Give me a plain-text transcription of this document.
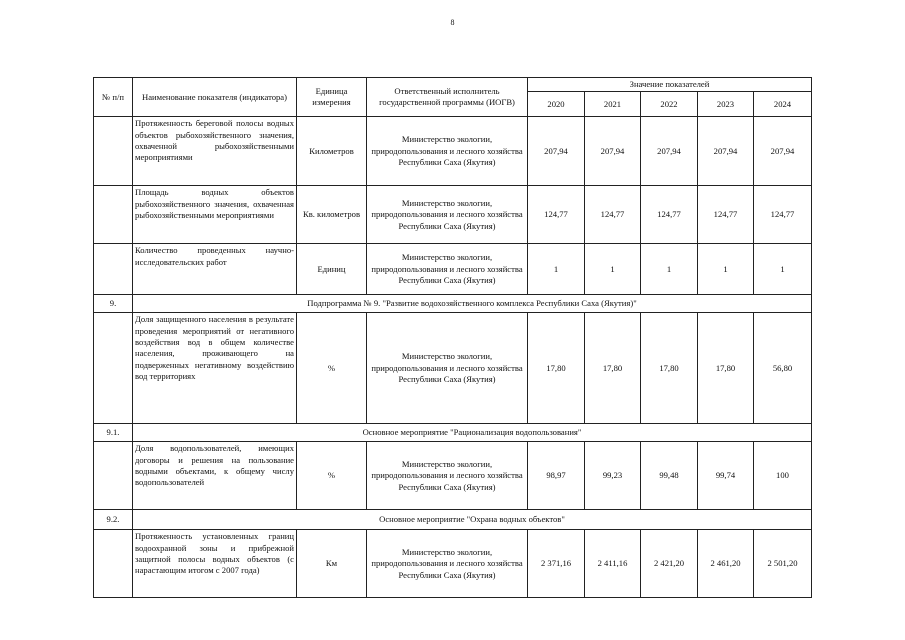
8
№ п/п	Наименование показателя (индикатора)	Единица измерения	Ответственный исполнитель государственной программы (ИОГВ)	Значение показателей				
				2020	2021	2022	2023	2024
	Протяженность береговой полосы водных объектов рыбохозяйственного значения, охваченной рыбохозяйственными мероприятиями	Километров	Министерство экологии, природопользования и лесного хозяйства Республики Саха (Якутия)	207,94	207,94	207,94	207,94	207,94
	Площадь водных объектов рыбохозяйственного значения, охваченная рыбохозяйственными мероприятиями	Кв. километров	Министерство экологии, природопользования и лесного хозяйства Республики Саха (Якутия)	124,77	124,77	124,77	124,77	124,77
	Количество проведенных научно-исследовательских работ	Единиц	Министерство экологии, природопользования и лесного хозяйства Республики Саха (Якутия)	1	1	1	1	1
9.	Подпрограмма № 9. "Развитие водохозяйственного комплекса Республики Саха (Якутия)"							
	Доля защищенного населения в результате проведения мероприятий от негативного воздействия вод в общем количестве населения, проживающего на подверженных негативному воздействию вод территориях	%	Министерство экологии, природопользования и лесного хозяйства Республики Саха (Якутия)	17,80	17,80	17,80	17,80	56,80
9.1.	Основное мероприятие "Рационализация водопользования"							
	Доля водопользователей, имеющих договоры и решения на пользование водными объектами, к общему числу водопользователей	%	Министерство экологии, природопользования и лесного хозяйства Республики Саха (Якутия)	98,97	99,23	99,48	99,74	100
9.2.	Основное мероприятие "Охрана водных объектов"							
	Протяженность установленных границ водоохранной зоны и прибрежной защитной полосы водных объектов (с нарастающим итогом с 2007 года)	Км	Министерство экологии, природопользования и лесного хозяйства Республики Саха (Якутия)	2 371,16	2 411,16	2 421,20	2 461,20	2 501,20
